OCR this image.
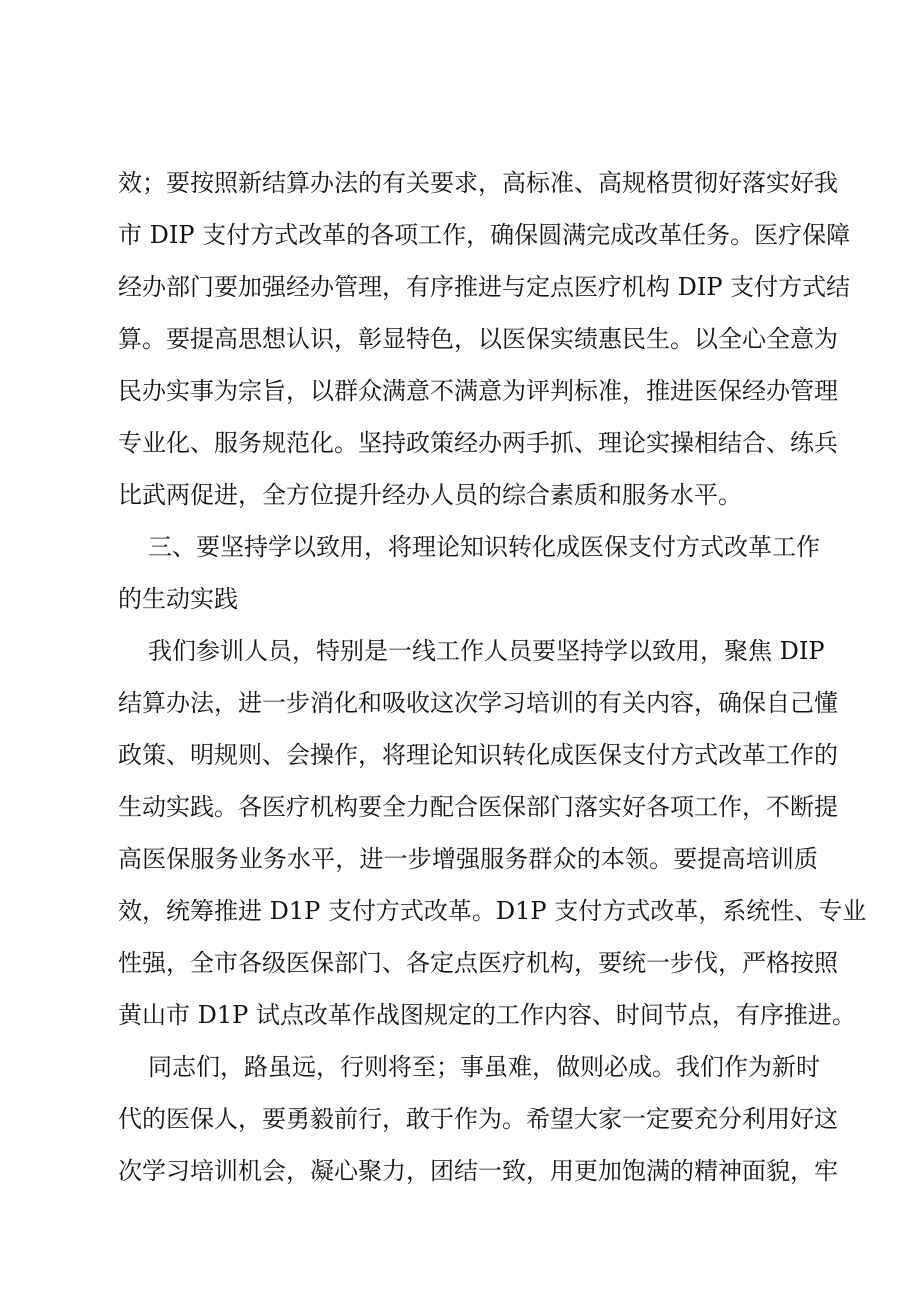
效；要按照新结算办法的有关要求，高标准、高规格贯彻好落实好我
市 DIP 支付方式改革的各项工作，确保圆满完成改革任务。医疗保障
经办部门要加强经办管理，有序推进与定点医疗机构 DIP 支付方式结
算。要提高思想认识，彰显特色，以医保实绩惠民生。以全心全意为
民办实事为宗旨，以群众满意不满意为评判标准，推进医保经办管理
专业化、服务规范化。坚持政策经办两手抓、理论实操相结合、练兵
比武两促进，全方位提升经办人员的综合素质和服务水平。
三、要坚持学以致用，将理论知识转化成医保支付方式改革工作
的生动实践
我们参训人员，特别是一线工作人员要坚持学以致用，聚焦 DIP
结算办法，进一步消化和吸收这次学习培训的有关内容，确保自己懂
政策、明规则、会操作，将理论知识转化成医保支付方式改革工作的
生动实践。各医疗机构要全力配合医保部门落实好各项工作，不断提
高医保服务业务水平，进一步增强服务群众的本领。要提高培训质
效，统筹推进 D1P 支付方式改革。D1P 支付方式改革，系统性、专业
性强，全市各级医保部门、各定点医疗机构，要统一步伐，严格按照
黄山市 D1P 试点改革作战图规定的工作内容、时间节点，有序推进。
同志们，路虽远，行则将至；事虽难，做则必成。我们作为新时
代的医保人，要勇毅前行，敢于作为。希望大家一定要充分利用好这
次学习培训机会，凝心聚力，团结一致，用更加饱满的精神面貌，牢
